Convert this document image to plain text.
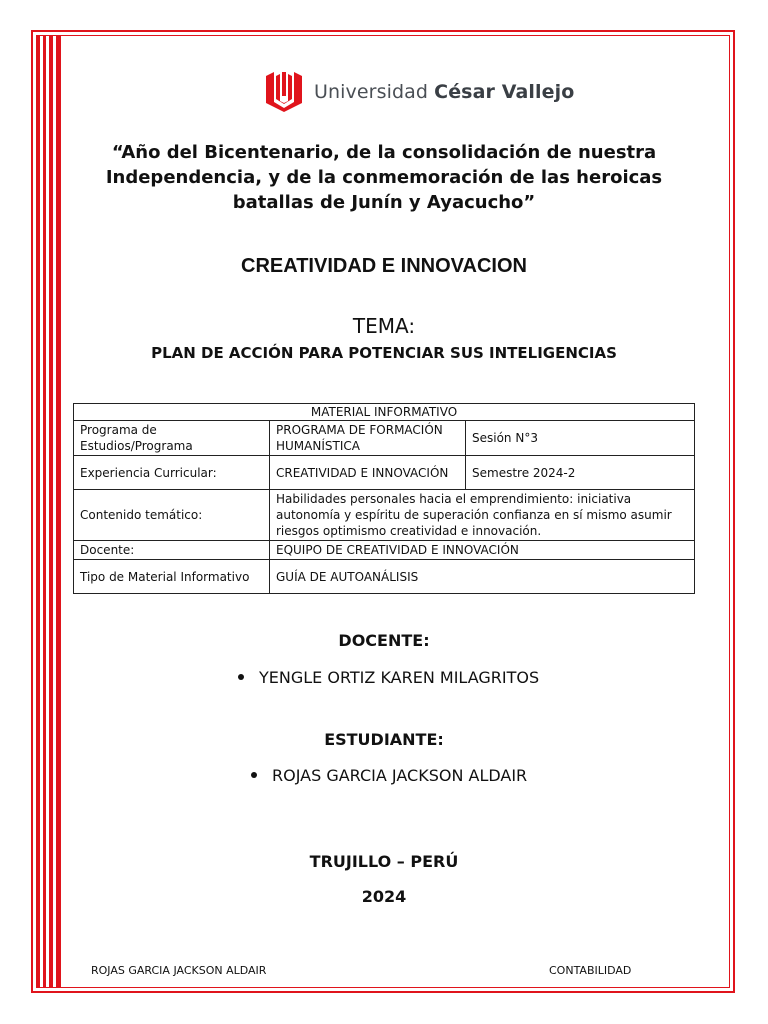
Universidad César Vallejo
“Año del Bicentenario, de la consolidación de nuestra Independencia, y de la conmemoración de las heroicas batallas de Junín y Ayacucho”
CREATIVIDAD E INNOVACION
TEMA:
PLAN DE ACCIÓN PARA POTENCIAR SUS INTELIGENCIAS
MATERIAL INFORMATIVO		
Programa de Estudios/Programa	PROGRAMA DE FORMACIÓN HUMANÍSTICA	Sesión N°3
Experiencia Curricular:	CREATIVIDAD E INNOVACIÓN	Semestre 2024-2
Contenido temático:	Habilidades personales hacia el emprendimiento: iniciativa autonomía y espíritu de superación confianza en sí mismo asumir riesgos optimismo creatividad e innovación.	
Docente:	EQUIPO DE CREATIVIDAD E INNOVACIÓN	
Tipo de Material Informativo	GUÍA DE AUTOANÁLISIS	
DOCENTE:
YENGLE ORTIZ KAREN MILAGRITOS
ESTUDIANTE:
ROJAS GARCIA JACKSON ALDAIR
TRUJILLO – PERÚ
2024
ROJAS GARCIA JACKSON ALDAIR	CONTABILIDAD
